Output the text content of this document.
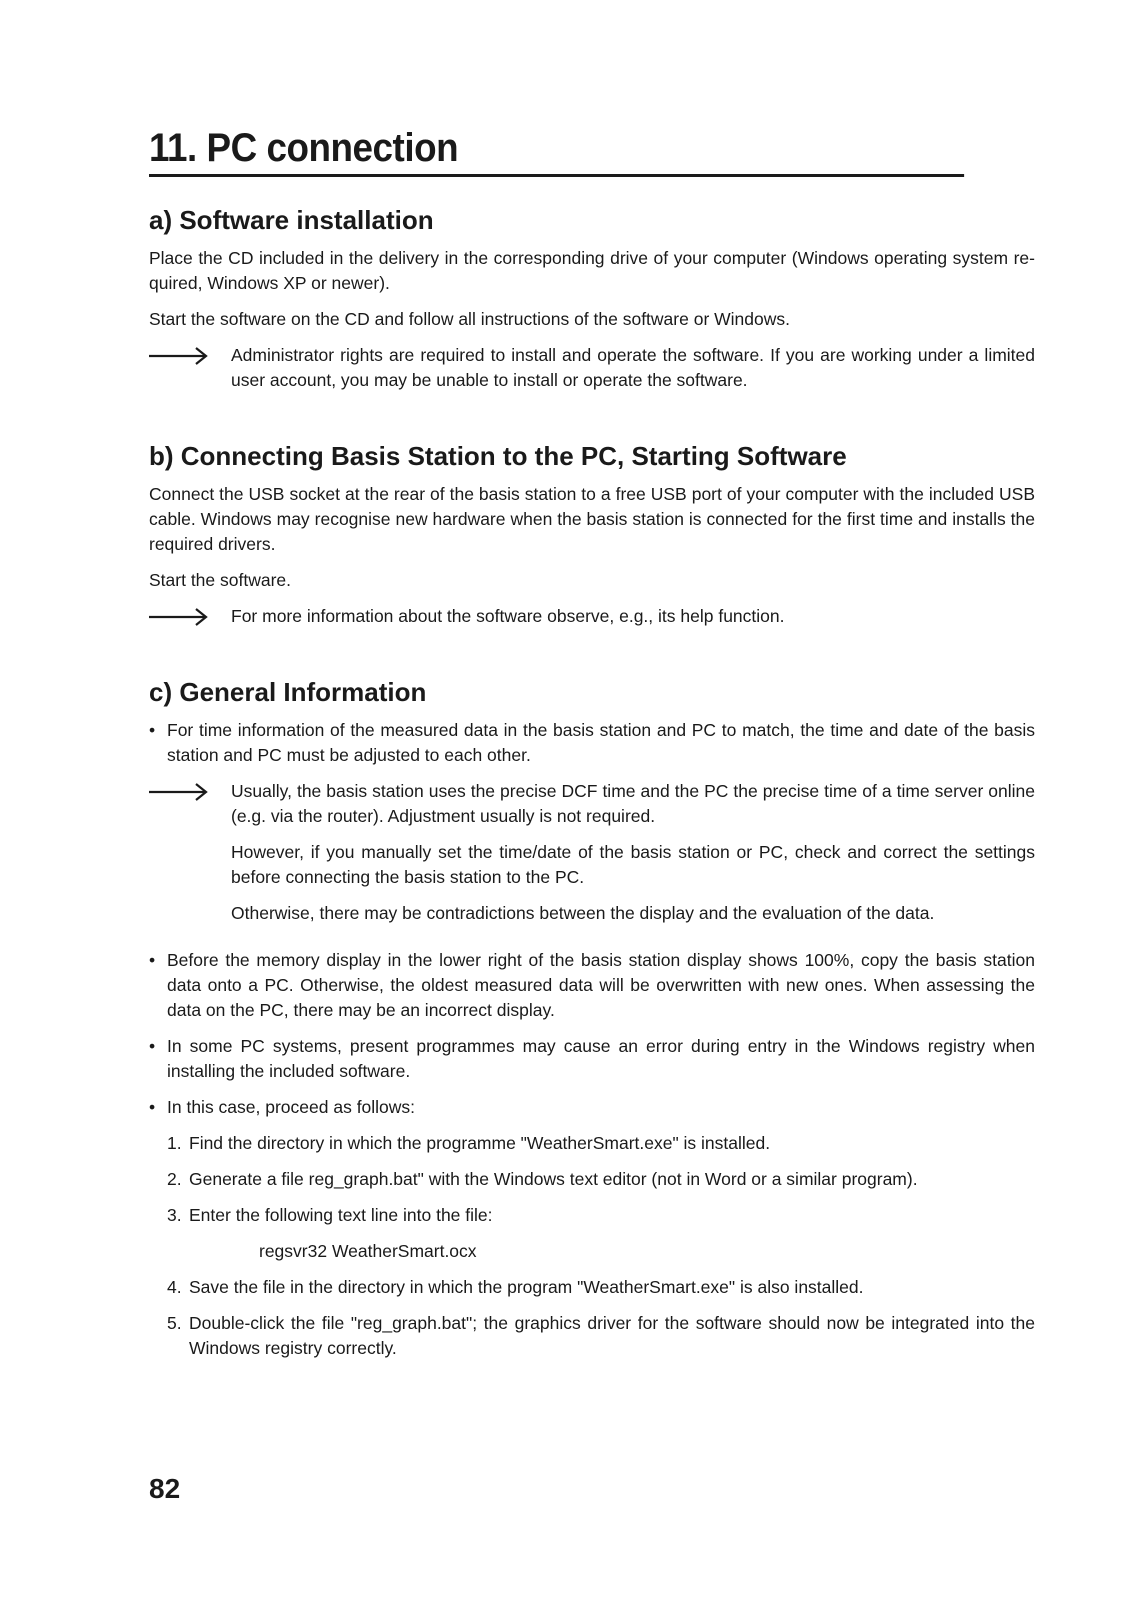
11. PC connection
a) Software installation

Place the CD included in the delivery in the corresponding drive of your computer (Windows operating system required, Windows XP or newer).

Start the software on the CD and follow all instructions of the software or Windows.

Administrator rights are required to install and operate the software. If you are working under a limited user account, you may be unable to install or operate the software.

b) Connecting Basis Station to the PC, Starting Software

Connect the USB socket at the rear of the basis station to a free USB port of your computer with the included USB cable. Windows may recognise new hardware when the basis station is connected for the first time and installs the required drivers.

Start the software.

For more information about the software observe, e.g., its help function.

c) General Information
• For time information of the measured data in the basis station and PC to match, the time and date of the basis station and PC must be adjusted to each other.

Usually, the basis station uses the precise DCF time and the PC the precise time of a time server online (e.g. via the router). Adjustment usually is not required.

However, if you manually set the time/date of the basis station or PC, check and correct the settings before connecting the basis station to the PC.

Otherwise, there may be contradictions between the display and the evaluation of the data.

• Before the memory display in the lower right of the basis station display shows 100%, copy the basis station data onto a PC. Otherwise, the oldest measured data will be overwritten with new ones. When assessing the data on the PC, there may be an incorrect display.

• In some PC systems, present programmes may cause an error during entry in the Windows registry when installing the included software.

• In this case, proceed as follows:

1. Find the directory in which the programme "WeatherSmart.exe" is installed.

2. Generate a file reg_graph.bat" with the Windows text editor (not in Word or a similar program).

3. Enter the following text line into the file:

regsvr32 WeatherSmart.ocx

4. Save the file in the directory in which the program "WeatherSmart.exe" is also installed.

5. Double-click the file "reg_graph.bat"; the graphics driver for the software should now be integrated into the Windows registry correctly.

82
